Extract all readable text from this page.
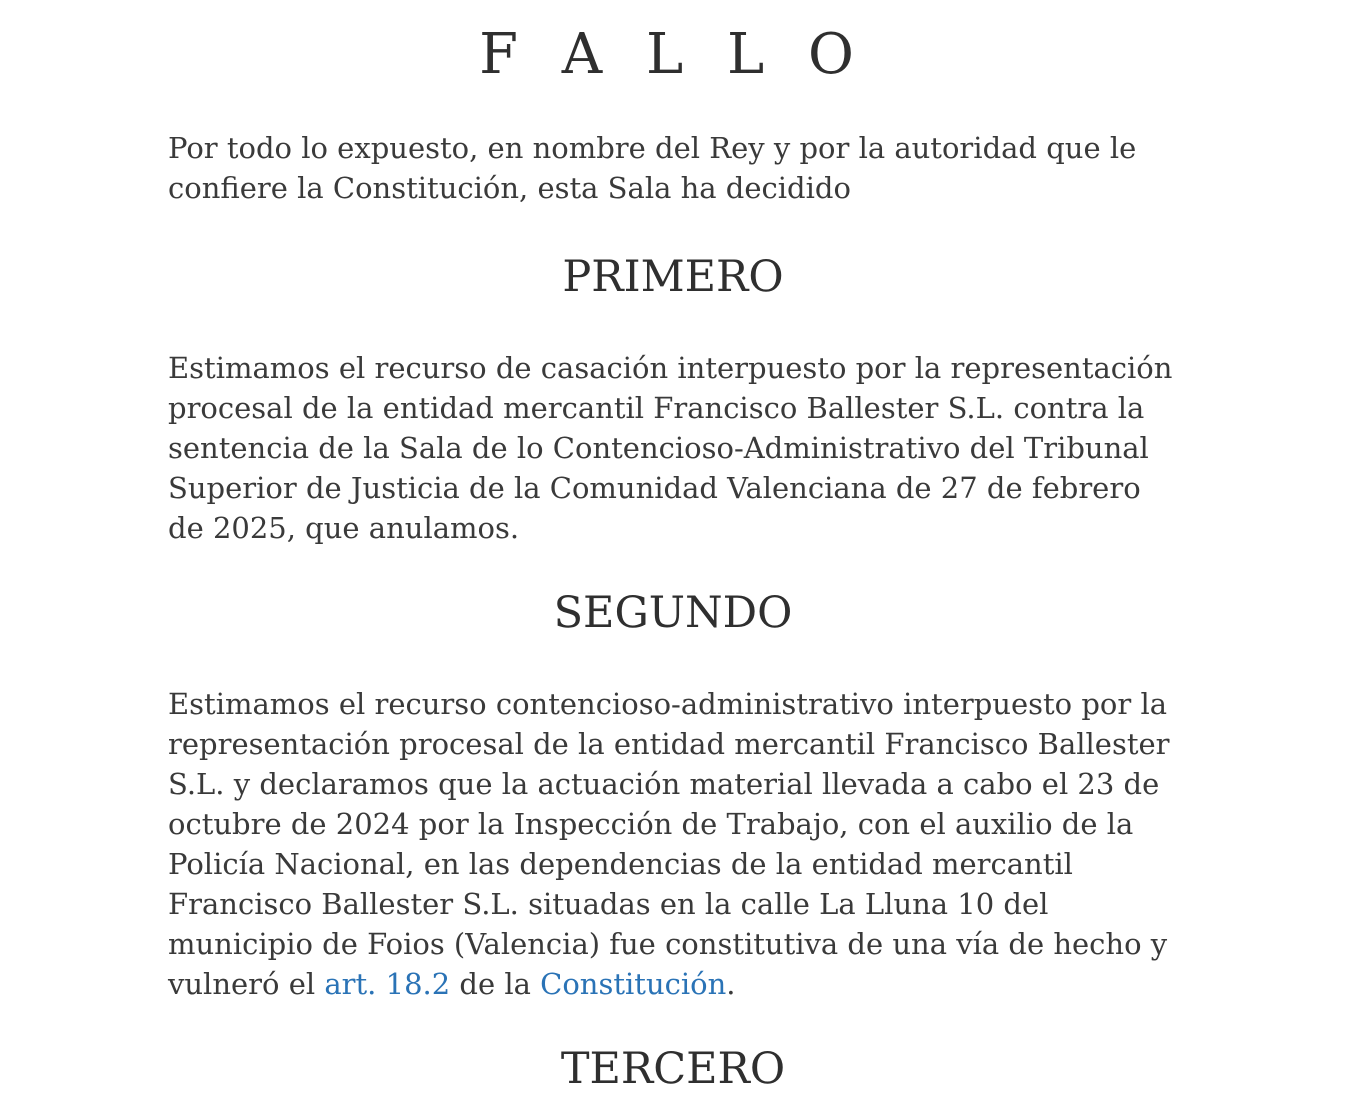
F A L L O

Por todo lo expuesto, en nombre del Rey y por la autoridad que le confiere la Constitución, esta Sala ha decidido

PRIMERO

Estimamos el recurso de casación interpuesto por la representación procesal de la entidad mercantil Francisco Ballester S.L. contra la sentencia de la Sala de lo Contencioso-Administrativo del Tribunal Superior de Justicia de la Comunidad Valenciana de 27 de febrero de 2025, que anulamos.

SEGUNDO

Estimamos el recurso contencioso-administrativo interpuesto por la representación procesal de la entidad mercantil Francisco Ballester S.L. y declaramos que la actuación material llevada a cabo el 23 de octubre de 2024 por la Inspección de Trabajo, con el auxilio de la Policía Nacional, en las dependencias de la entidad mercantil Francisco Ballester S.L. situadas en la calle La Lluna 10 del municipio de Foios (Valencia) fue constitutiva de una vía de hecho y vulneró el art. 18.2 de la Constitución.

TERCERO
